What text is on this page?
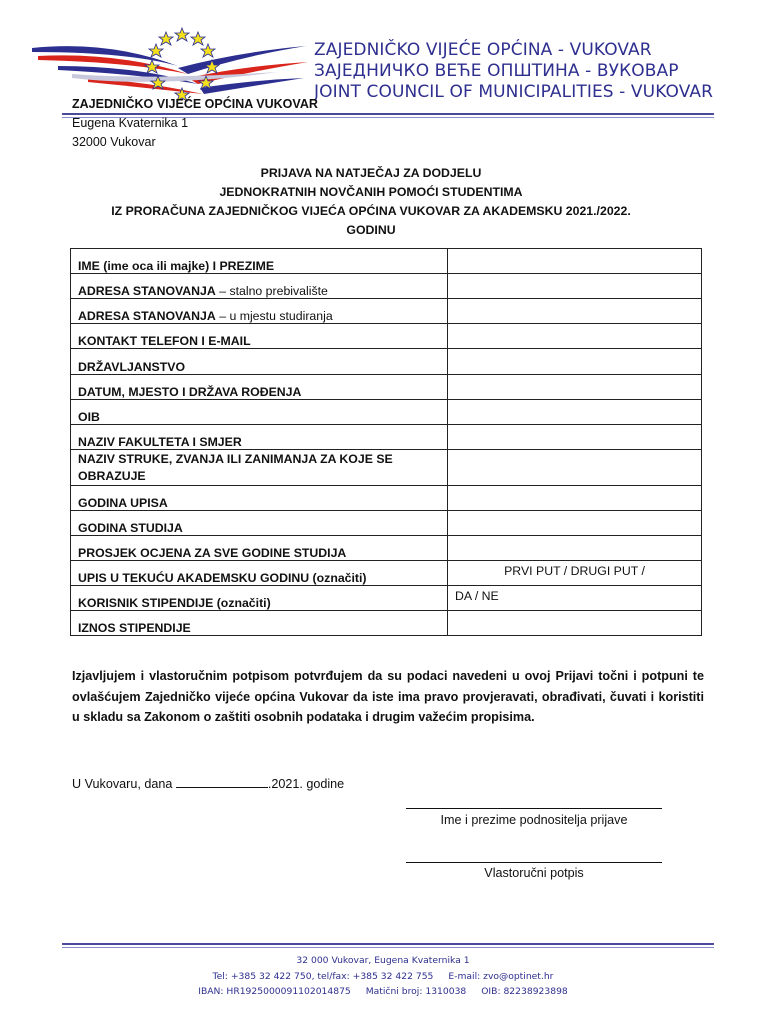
ZAJEDNIČKO VIJEĆE OPĆINA - VUKOVAR
ЗАЈЕДНИЧКО ВЕЋЕ ОПШТИНА - ВУКОВАР
JOINT COUNCIL OF MUNICIPALITIES - VUKOVAR
ZAJEDNIČKO VIJEĆE OPĆINA VUKOVAR
Eugena Kvaternika 1
32000 Vukovar
PRIJAVA NA NATJEČAJ ZA DODJELU
JEDNOKRATNIH NOVČANIH POMOĆI STUDENTIMA
IZ PRORAČUNA ZAJEDNIČKOG VIJEĆA OPĆINA VUKOVAR ZA AKADEMSKU 2021./2022.
GODINU
IME (ime oca ili majke) I PREZIME	
ADRESA STANOVANJA – stalno prebivalište	
ADRESA STANOVANJA – u mjestu studiranja	
KONTAKT TELEFON I E-MAIL	
DRŽAVLJANSTVO	
DATUM, MJESTO I DRŽAVA ROĐENJA	
OIB	
NAZIV FAKULTETA I SMJER	
NAZIV STRUKE, ZVANJA ILI ZANIMANJA ZA KOJE SE OBRAZUJE	
GODINA UPISA	
GODINA STUDIJA	
PROSJEK OCJENA ZA SVE GODINE STUDIJA	
UPIS U TEKUĆU AKADEMSKU GODINU (označiti)	PRVI PUT / DRUGI PUT /
KORISNIK STIPENDIJE (označiti)	DA / NE
IZNOS STIPENDIJE	
Izjavljujem i vlastoručnim potpisom potvrđujem da su podaci navedeni u ovoj Prijavi točni i potpuni te ovlašćujem Zajedničko vijeće općina Vukovar da iste ima pravo provjeravati, obrađivati, čuvati i koristiti u skladu sa Zakonom o zaštiti osobnih podataka i drugim važećim propisima.
U Vukovaru, dana	.2021. godine
Ime i prezime podnositelja prijave
Vlastoručni potpis
32 000 Vukovar, Eugena Kvaternika 1
Tel: +385 32 422 750, tel/fax: +385 32 422 755 E-mail: zvo@optinet.hr
IBAN: HR1925000091102014875 Matični broj: 1310038 OIB: 82238923898
